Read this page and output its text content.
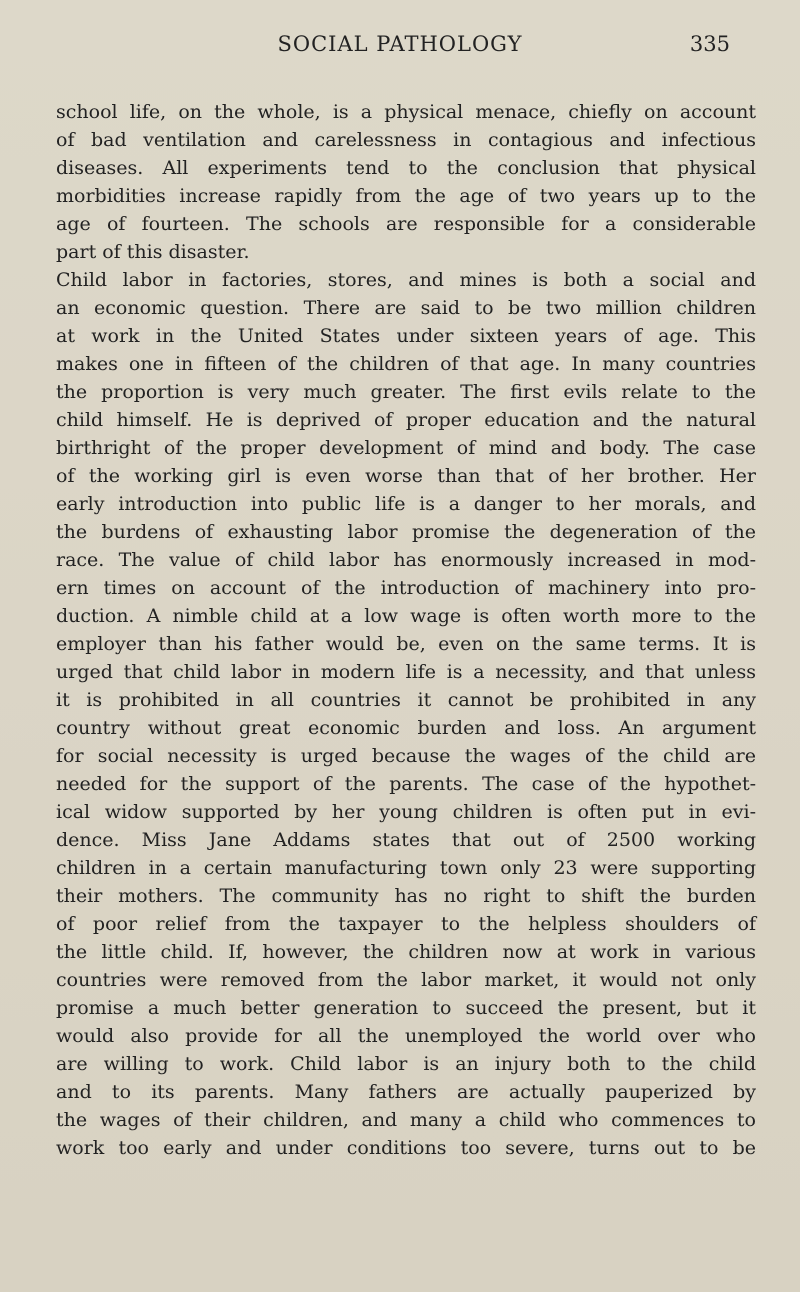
SOCIAL PATHOLOGY	335
school life, on the whole, is a physical menace, chiefly on account
of bad ventilation and carelessness in contagious and infectious
diseases. All experiments tend to the conclusion that physical
morbidities increase rapidly from the age of two years up to the
age of fourteen. The schools are responsible for a considerable
part of this disaster.
Child labor in factories, stores, and mines is both a social and
an economic question. There are said to be two million children
at work in the United States under sixteen years of age. This
makes one in fifteen of the children of that age. In many countries
the proportion is very much greater. The first evils relate to the
child himself. He is deprived of proper education and the natural
birthright of the proper development of mind and body. The case
of the working girl is even worse than that of her brother. Her
early introduction into public life is a danger to her morals, and
the burdens of exhausting labor promise the degeneration of the
race. The value of child labor has enormously increased in mod-
ern times on account of the introduction of machinery into pro-
duction. A nimble child at a low wage is often worth more to the
employer than his father would be, even on the same terms. It is
urged that child labor in modern life is a necessity, and that unless
it is prohibited in all countries it cannot be prohibited in any
country without great economic burden and loss. An argument
for social necessity is urged because the wages of the child are
needed for the support of the parents. The case of the hypothet-
ical widow supported by her young children is often put in evi-
dence. Miss Jane Addams states that out of 2500 working
children in a certain manufacturing town only 23 were supporting
their mothers. The community has no right to shift the burden
of poor relief from the taxpayer to the helpless shoulders of
the little child. If, however, the children now at work in various
countries were removed from the labor market, it would not only
promise a much better generation to succeed the present, but it
would also provide for all the unemployed the world over who
are willing to work. Child labor is an injury both to the child
and to its parents. Many fathers are actually pauperized by
the wages of their children, and many a child who commences to
work too early and under conditions too severe, turns out to be
